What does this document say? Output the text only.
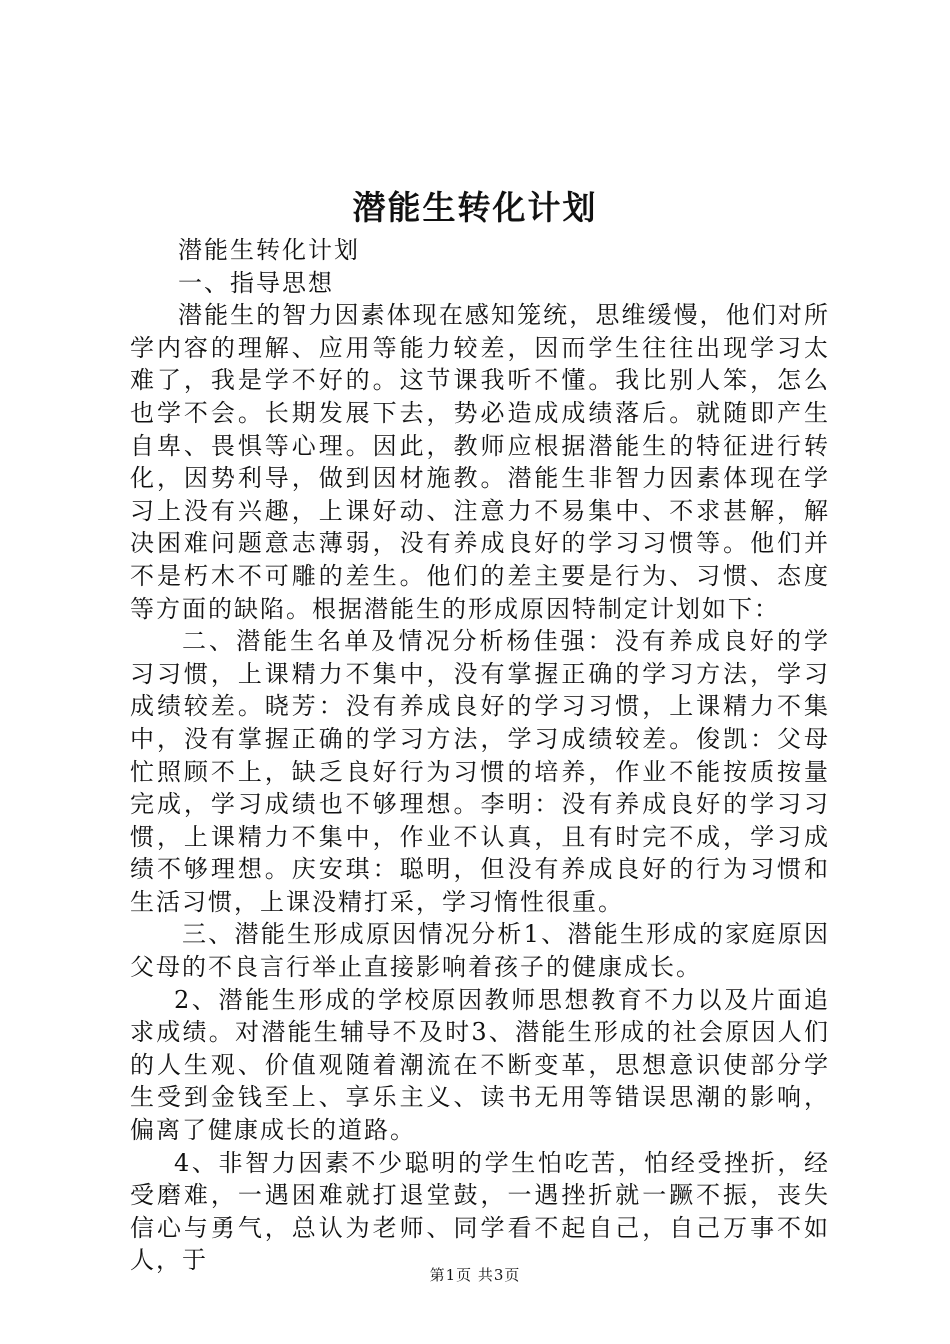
潜能生转化计划

潜能生转化计划

一、指导思想

潜能生的智力因素体现在感知笼统，思维缓慢，他们对所学内容的理解、应用等能力较差，因而学生往往出现学习太难了，我是学不好的。这节课我听不懂。我比别人笨，怎么也学不会。长期发展下去，势必造成成绩落后。就随即产生自卑、畏惧等心理。因此，教师应根据潜能生的特征进行转化，因势利导，做到因材施教。潜能生非智力因素体现在学习上没有兴趣，上课好动、注意力不易集中、不求甚解，解决困难问题意志薄弱，没有养成良好的学习习惯等。他们并不是朽木不可雕的差生。他们的差主要是行为、习惯、态度等方面的缺陷。根据潜能生的形成原因特制定计划如下：

二、潜能生名单及情况分析杨佳强：没有养成良好的学习习惯，上课精力不集中，没有掌握正确的学习方法，学习成绩较差。晓芳：没有养成良好的学习习惯，上课精力不集中，没有掌握正确的学习方法，学习成绩较差。俊凯：父母忙照顾不上，缺乏良好行为习惯的培养，作业不能按质按量完成，学习成绩也不够理想。李明：没有养成良好的学习习惯，上课精力不集中，作业不认真，且有时完不成，学习成绩不够理想。庆安琪：聪明，但没有养成良好的行为习惯和生活习惯，上课没精打采，学习惰性很重。

三、潜能生形成原因情况分析1、潜能生形成的家庭原因父母的不良言行举止直接影响着孩子的健康成长。

2、潜能生形成的学校原因教师思想教育不力以及片面追求成绩。对潜能生辅导不及时3、潜能生形成的社会原因人们的人生观、价值观随着潮流在不断变革，思想意识使部分学生受到金钱至上、享乐主义、读书无用等错误思潮的影响，偏离了健康成长的道路。

4、非智力因素不少聪明的学生怕吃苦，怕经受挫折，经受磨难，一遇困难就打退堂鼓，一遇挫折就一蹶不振，丧失信心与勇气，总认为老师、同学看不起自己，自己万事不如人，于

第1页 共3页
